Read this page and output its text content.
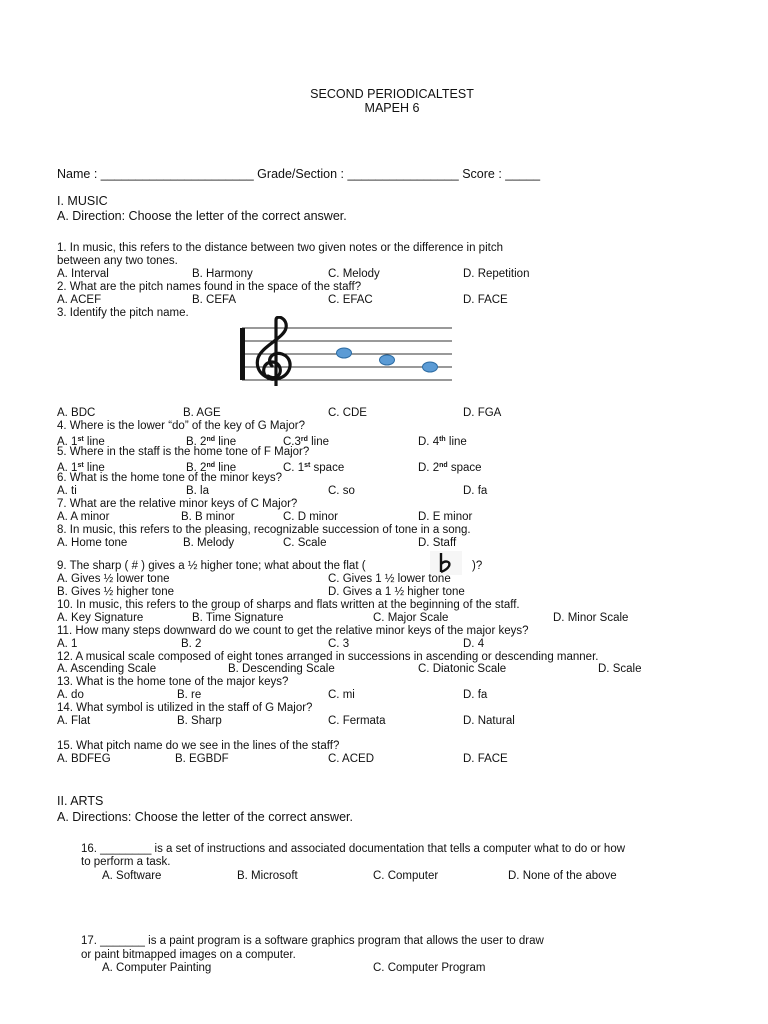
SECOND PERIODICALTEST
MAPEH 6
Name : ______________________ Grade/Section : ________________ Score : _____
I. MUSIC
A. Direction: Choose the letter of the correct answer.
1. In music, this refers to the distance between two given notes or the difference in pitch
between any two tones.
A. Interval	B. Harmony	C. Melody	D. Repetition
2. What are the pitch names found in the space of the staff?
A. ACEF	B. CEFA	C. EFAC	D. FACE
3. Identify the pitch name.
A. BDC	B. AGE	C. CDE	D. FGA
4. Where is the lower “do” of the key of G Major?
A. 1st line	B. 2nd line	C.3rd line	D. 4th line
5. Where in the staff is the home tone of F Major?
A. 1st line	B. 2nd line	C. 1st space	D. 2nd space
6. What is the home tone of the minor keys?
A. ti	B. la	C. so	D. fa
7. What are the relative minor keys of C Major?
A. A minor	B. B minor	C. D minor	D. E minor
8. In music, this refers to the pleasing, recognizable succession of tone in a song.
A. Home tone	B. Melody	C. Scale	D. Staff
9. The sharp ( # ) gives a ½ higher tone; what about the flat (	)?
A. Gives ½ lower tone	C. Gives 1 ½ lower tone
B. Gives ½ higher tone	D. Gives a 1 ½ higher tone
10. In music, this refers to the group of sharps and flats written at the beginning of the staff.
A. Key Signature	B. Time Signature	C. Major Scale	D. Minor Scale
11. How many steps downward do we count to get the relative minor keys of the major keys?
A. 1	B. 2	C. 3	D. 4
12. A musical scale composed of eight tones arranged in successions in ascending or descending manner.
A. Ascending Scale	B. Descending Scale	C. Diatonic Scale	D. Scale
13. What is the home tone of the major keys?
A. do	B. re	C. mi	D. fa
14. What symbol is utilized in the staff of G Major?
A. Flat	B. Sharp	C. Fermata	D. Natural
15. What pitch name do we see in the lines of the staff?
A. BDFEG	B. EGBDF	C. ACED	D. FACE
II. ARTS
A. Directions: Choose the letter of the correct answer.
16. ________ is a set of instructions and associated documentation that tells a computer what to do or how
to perform a task.
A. Software	B. Microsoft	C. Computer	D. None of the above
17. _______ is a paint program is a software graphics program that allows the user to draw
or paint bitmapped images on a computer.
A. Computer Painting	C. Computer Program
